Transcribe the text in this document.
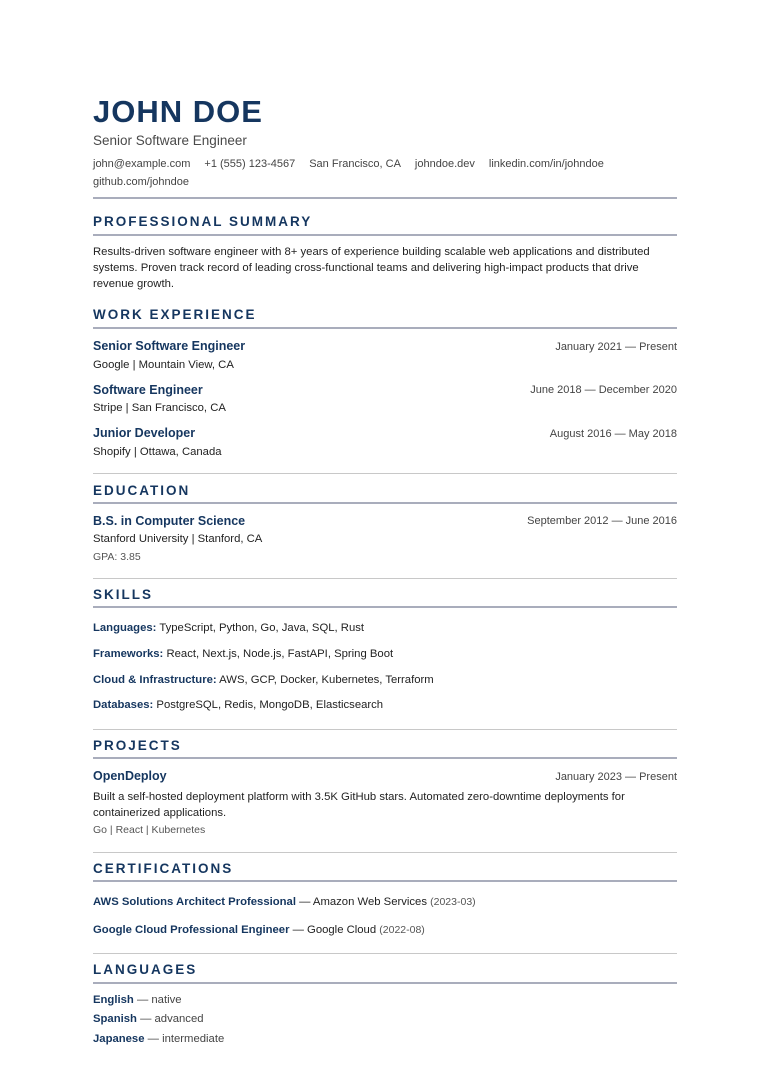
JOHN DOE
Senior Software Engineer
john@example.com +1 (555) 123-4567 San Francisco, CA johndoe.dev linkedin.com/in/johndoegithub.com/johndoe
PROFESSIONAL SUMMARY
Results-driven software engineer with 8+ years of experience building scalable web applications and distributed systems. Proven track record of leading cross-functional teams and delivering high-impact products that drive revenue growth.
WORK EXPERIENCE
Senior Software Engineer	January 2021 — Present
Google | Mountain View, CA
Software Engineer	June 2018 — December 2020
Stripe | San Francisco, CA
Junior Developer	August 2016 — May 2018
Shopify | Ottawa, Canada
EDUCATION
B.S. in Computer Science	September 2012 — June 2016
Stanford University | Stanford, CA
GPA: 3.85
SKILLS
Languages: TypeScript, Python, Go, Java, SQL, Rust
Frameworks: React, Next.js, Node.js, FastAPI, Spring Boot
Cloud & Infrastructure: AWS, GCP, Docker, Kubernetes, Terraform
Databases: PostgreSQL, Redis, MongoDB, Elasticsearch
PROJECTS
OpenDeploy	January 2023 — Present
Built a self-hosted deployment platform with 3.5K GitHub stars. Automated zero-downtime deployments for containerized applications.
Go | React | Kubernetes
CERTIFICATIONS
AWS Solutions Architect Professional — Amazon Web Services (2023-03)
Google Cloud Professional Engineer — Google Cloud (2022-08)
LANGUAGES
English — native
Spanish — advanced
Japanese — intermediate
